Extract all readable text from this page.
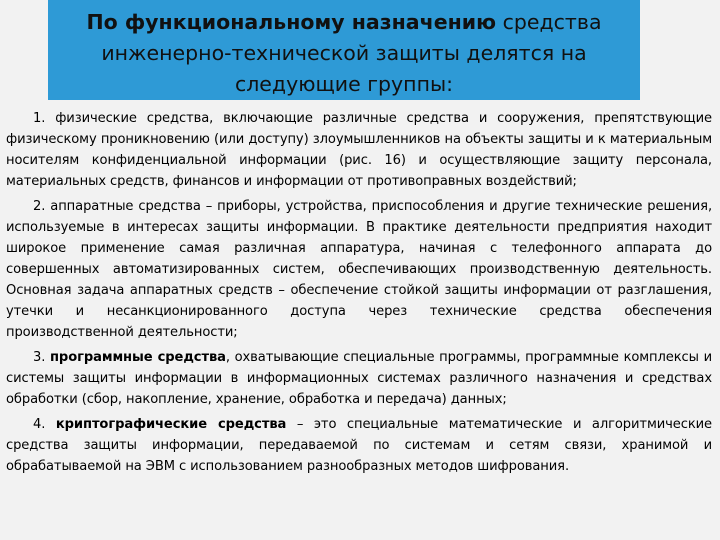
По функциональному назначению средства инженерно-технической защиты делятся на следующие группы:

1. физические средства, включающие различные средства и сооружения, препятствующие физическому проникновению (или доступу) злоумышленников на объекты защиты и к материальным носителям конфиденциальной информации (рис. 16) и осуществляющие защиту персонала, материальных средств, финансов и информации от противоправных воздействий;

2. аппаратные средства – приборы, устройства, приспособления и другие технические решения, используемые в интересах защиты информации. В практике деятельности предприятия находит широкое применение самая различная аппаратура, начиная с телефонного аппарата до совершенных автоматизированных систем, обеспечивающих производственную деятельность. Основная задача аппаратных средств – обеспечение стойкой защиты информации от разглашения, утечки и несанкционированного доступа через технические средства обеспечения производственной деятельности;

3. программные средства, охватывающие специальные программы, программные комплексы и системы защиты информации в информационных системах различного назначения и средствах обработки (сбор, накопление, хранение, обработка и передача) данных;

4. криптографические средства – это специальные математические и алгоритмические средства защиты информации, передаваемой по системам и сетям связи, хранимой и обрабатываемой на ЭВМ с использованием разнообразных методов шифрования.
